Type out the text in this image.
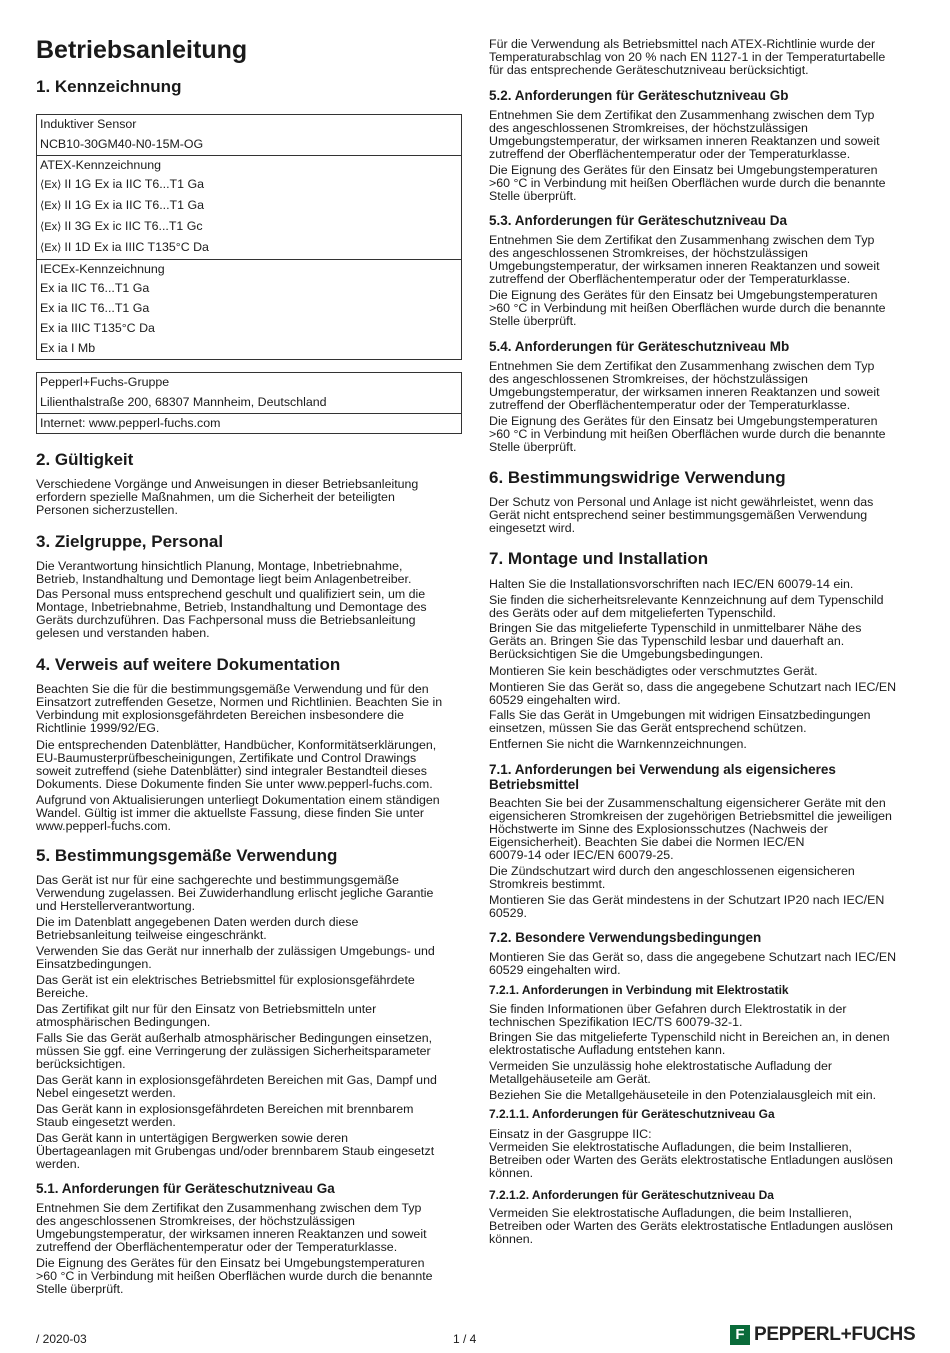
Betriebsanleitung
1. Kennzeichnung
Induktiver Sensor
NCB10-30GM40-N0-15M-OG
ATEX-Kennzeichnung
⟨Ex⟩ II 1G Ex ia IIC T6...T1 Ga
⟨Ex⟩ II 1G Ex ia IIC T6...T1 Ga
⟨Ex⟩ II 3G Ex ic IIC T6...T1 Gc
⟨Ex⟩ II 1D Ex ia IIIC T135°C Da
IECEx-Kennzeichnung
Ex ia IIC T6...T1 Ga
Ex ia IIC T6...T1 Ga
Ex ia IIIC T135°C Da
Ex ia I Mb
Pepperl+Fuchs-Gruppe
Lilienthalstraße 200, 68307 Mannheim, Deutschland
Internet: www.pepperl-fuchs.com
2. Gültigkeit
Verschiedene Vorgänge und Anweisungen in dieser Betriebsanleitung
erfordern spezielle Maßnahmen, um die Sicherheit der beteiligten
Personen sicherzustellen.
3. Zielgruppe, Personal
Die Verantwortung hinsichtlich Planung, Montage, Inbetriebnahme,
Betrieb, Instandhaltung und Demontage liegt beim Anlagenbetreiber.
Das Personal muss entsprechend geschult und qualifiziert sein, um die
Montage, Inbetriebnahme, Betrieb, Instandhaltung und Demontage des
Geräts durchzuführen. Das Fachpersonal muss die Betriebsanleitung
gelesen und verstanden haben.
4. Verweis auf weitere Dokumentation
Beachten Sie die für die bestimmungsgemäße Verwendung und für den
Einsatzort zutreffenden Gesetze, Normen und Richtlinien. Beachten Sie in
Verbindung mit explosionsgefährdeten Bereichen insbesondere die
Richtlinie 1999/92/EG.
Die entsprechenden Datenblätter, Handbücher, Konformitätserklärungen,
EU-Baumusterprüfbescheinigungen, Zertifikate und Control Drawings
soweit zutreffend (siehe Datenblätter) sind integraler Bestandteil dieses
Dokuments. Diese Dokumente finden Sie unter www.pepperl-fuchs.com.
Aufgrund von Aktualisierungen unterliegt Dokumentation einem ständigen
Wandel. Gültig ist immer die aktuellste Fassung, diese finden Sie unter
www.pepperl-fuchs.com.
5. Bestimmungsgemäße Verwendung
Das Gerät ist nur für eine sachgerechte und bestimmungsgemäße
Verwendung zugelassen. Bei Zuwiderhandlung erlischt jegliche Garantie
und Herstellerverantwortung.
Die im Datenblatt angegebenen Daten werden durch diese
Betriebsanleitung teilweise eingeschränkt.
Verwenden Sie das Gerät nur innerhalb der zulässigen Umgebungs- und
Einsatzbedingungen.
Das Gerät ist ein elektrisches Betriebsmittel für explosionsgefährdete
Bereiche.
Das Zertifikat gilt nur für den Einsatz von Betriebsmitteln unter
atmosphärischen Bedingungen.
Falls Sie das Gerät außerhalb atmosphärischer Bedingungen einsetzen,
müssen Sie ggf. eine Verringerung der zulässigen Sicherheitsparameter
berücksichtigen.
Das Gerät kann in explosionsgefährdeten Bereichen mit Gas, Dampf und
Nebel eingesetzt werden.
Das Gerät kann in explosionsgefährdeten Bereichen mit brennbarem
Staub eingesetzt werden.
Das Gerät kann in untertägigen Bergwerken sowie deren
Übertageanlagen mit Grubengas und/oder brennbarem Staub eingesetzt
werden.
5.1. Anforderungen für Geräteschutzniveau Ga
Entnehmen Sie dem Zertifikat den Zusammenhang zwischen dem Typ
des angeschlossenen Stromkreises, der höchstzulässigen
Umgebungstemperatur, der wirksamen inneren Reaktanzen und soweit
zutreffend der Oberflächentemperatur oder der Temperaturklasse.
Die Eignung des Gerätes für den Einsatz bei Umgebungstemperaturen
>60 °C in Verbindung mit heißen Oberflächen wurde durch die benannte
Stelle überprüft.
Für die Verwendung als Betriebsmittel nach ATEX-Richtlinie wurde der
Temperaturabschlag von 20 % nach EN 1127-1 in der Temperaturtabelle
für das entsprechende Geräteschutzniveau berücksichtigt.
5.2. Anforderungen für Geräteschutzniveau Gb
Entnehmen Sie dem Zertifikat den Zusammenhang zwischen dem Typ
des angeschlossenen Stromkreises, der höchstzulässigen
Umgebungstemperatur, der wirksamen inneren Reaktanzen und soweit
zutreffend der Oberflächentemperatur oder der Temperaturklasse.
Die Eignung des Gerätes für den Einsatz bei Umgebungstemperaturen
>60 °C in Verbindung mit heißen Oberflächen wurde durch die benannte
Stelle überprüft.
5.3. Anforderungen für Geräteschutzniveau Da
Entnehmen Sie dem Zertifikat den Zusammenhang zwischen dem Typ
des angeschlossenen Stromkreises, der höchstzulässigen
Umgebungstemperatur, der wirksamen inneren Reaktanzen und soweit
zutreffend der Oberflächentemperatur oder der Temperaturklasse.
Die Eignung des Gerätes für den Einsatz bei Umgebungstemperaturen
>60 °C in Verbindung mit heißen Oberflächen wurde durch die benannte
Stelle überprüft.
5.4. Anforderungen für Geräteschutzniveau Mb
Entnehmen Sie dem Zertifikat den Zusammenhang zwischen dem Typ
des angeschlossenen Stromkreises, der höchstzulässigen
Umgebungstemperatur, der wirksamen inneren Reaktanzen und soweit
zutreffend der Oberflächentemperatur oder der Temperaturklasse.
Die Eignung des Gerätes für den Einsatz bei Umgebungstemperaturen
>60 °C in Verbindung mit heißen Oberflächen wurde durch die benannte
Stelle überprüft.
6. Bestimmungswidrige Verwendung
Der Schutz von Personal und Anlage ist nicht gewährleistet, wenn das
Gerät nicht entsprechend seiner bestimmungsgemäßen Verwendung
eingesetzt wird.
7. Montage und Installation
Halten Sie die Installationsvorschriften nach IEC/EN 60079-14 ein.
Sie finden die sicherheitsrelevante Kennzeichnung auf dem Typenschild
des Geräts oder auf dem mitgelieferten Typenschild.
Bringen Sie das mitgelieferte Typenschild in unmittelbarer Nähe des
Geräts an. Bringen Sie das Typenschild lesbar und dauerhaft an.
Berücksichtigen Sie die Umgebungsbedingungen.
Montieren Sie kein beschädigtes oder verschmutztes Gerät.
Montieren Sie das Gerät so, dass die angegebene Schutzart nach IEC/EN
60529 eingehalten wird.
Falls Sie das Gerät in Umgebungen mit widrigen Einsatzbedingungen
einsetzen, müssen Sie das Gerät entsprechend schützen.
Entfernen Sie nicht die Warnkennzeichnungen.
7.1. Anforderungen bei Verwendung als eigensicheres
Betriebsmittel
Beachten Sie bei der Zusammenschaltung eigensicherer Geräte mit den
eigensicheren Stromkreisen der zugehörigen Betriebsmittel die jeweiligen
Höchstwerte im Sinne des Explosionsschutzes (Nachweis der
Eigensicherheit). Beachten Sie dabei die Normen IEC/EN
60079-14 oder IEC/EN 60079-25.
Die Zündschutzart wird durch den angeschlossenen eigensicheren
Stromkreis bestimmt.
Montieren Sie das Gerät mindestens in der Schutzart IP20 nach IEC/EN
60529.
7.2. Besondere Verwendungsbedingungen
Montieren Sie das Gerät so, dass die angegebene Schutzart nach IEC/EN
60529 eingehalten wird.
7.2.1. Anforderungen in Verbindung mit Elektrostatik
Sie finden Informationen über Gefahren durch Elektrostatik in der
technischen Spezifikation IEC/TS 60079-32-1.
Bringen Sie das mitgelieferte Typenschild nicht in Bereichen an, in denen
elektrostatische Aufladung entstehen kann.
Vermeiden Sie unzulässig hohe elektrostatische Aufladung der
Metallgehäuseteile am Gerät.
Beziehen Sie die Metallgehäuseteile in den Potenzialausgleich mit ein.
7.2.1.1. Anforderungen für Geräteschutzniveau Ga
Einsatz in der Gasgruppe IIC:
Vermeiden Sie elektrostatische Aufladungen, die beim Installieren,
Betreiben oder Warten des Geräts elektrostatische Entladungen auslösen
können.
7.2.1.2. Anforderungen für Geräteschutzniveau Da
Vermeiden Sie elektrostatische Aufladungen, die beim Installieren,
Betreiben oder Warten des Geräts elektrostatische Entladungen auslösen
können.
/ 2020-03	1 / 4	F PEPPERL+FUCHS
